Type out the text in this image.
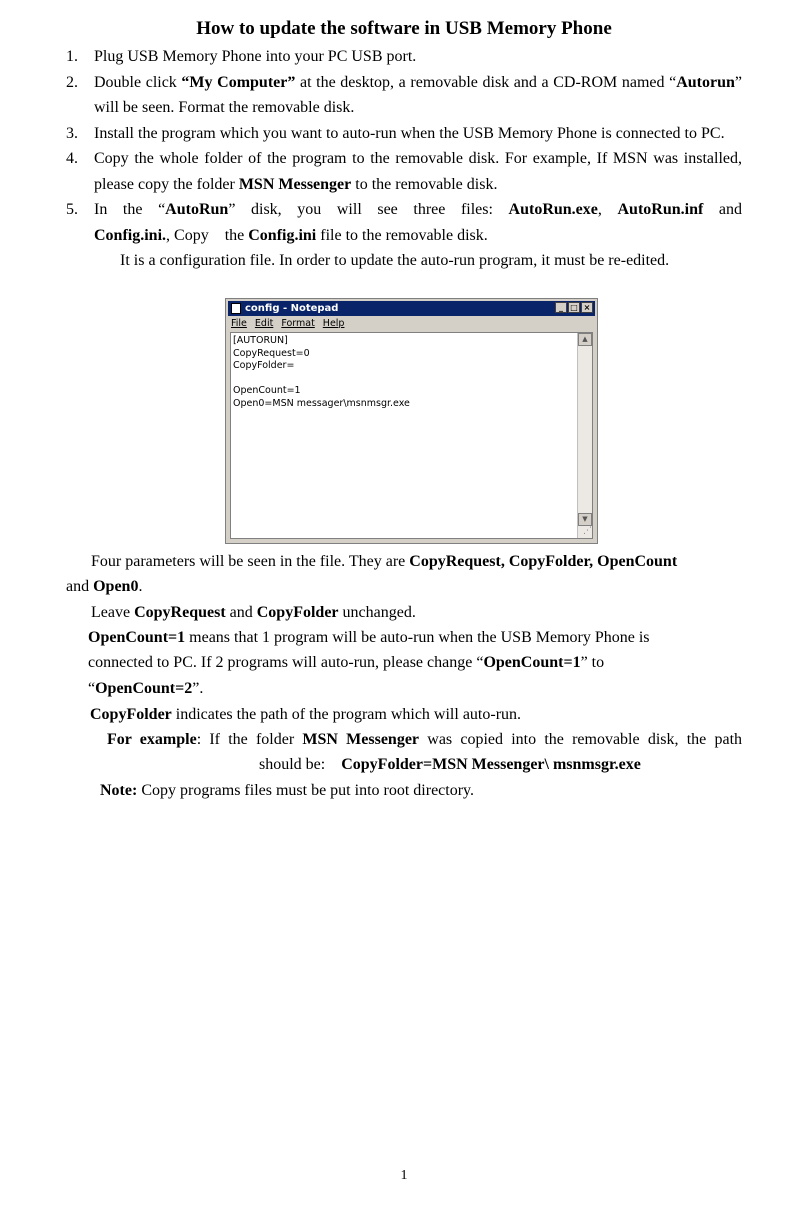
How to update the software in USB Memory Phone
1. Plug USB Memory Phone into your PC USB port.
2. Double click “My Computer” at the desktop, a removable disk and a CD-ROM named “Autorun” will be seen. Format the removable disk.
3. Install the program which you want to auto-run when the USB Memory Phone is connected to PC.
4. Copy the whole folder of the program to the removable disk. For example, If MSN was installed, please copy the folder MSN Messenger to the removable disk.
5. In the “AutoRun” disk, you will see three files: AutoRun.exe, AutoRun.inf and Config.ini., Copy    the Config.ini file to the removable disk.
It is a configuration file. In order to update the auto-run program, it must be re-edited.
config - Notepad	_ □ ×
File Edit Format Help
[AUTORUN]
CopyRequest=0
CopyFolder=

OpenCount=1
Open0=MSN messager\msnmsgr.exe
▲
▼
⋰
Four parameters will be seen in the file. They are CopyRequest, CopyFolder, OpenCount
and Open0.
Leave CopyRequest and CopyFolder unchanged.
OpenCount=1 means that 1 program will be auto-run when the USB Memory Phone is
connected to PC. If 2 programs will auto-run, please change “OpenCount=1” to
“OpenCount=2”.
CopyFolder indicates the path of the program which will auto-run.
For example: If the folder MSN Messenger was copied into the removable disk, the path
should be:    CopyFolder=MSN Messenger\ msnmsgr.exe
Note: Copy programs files must be put into root directory.
1
